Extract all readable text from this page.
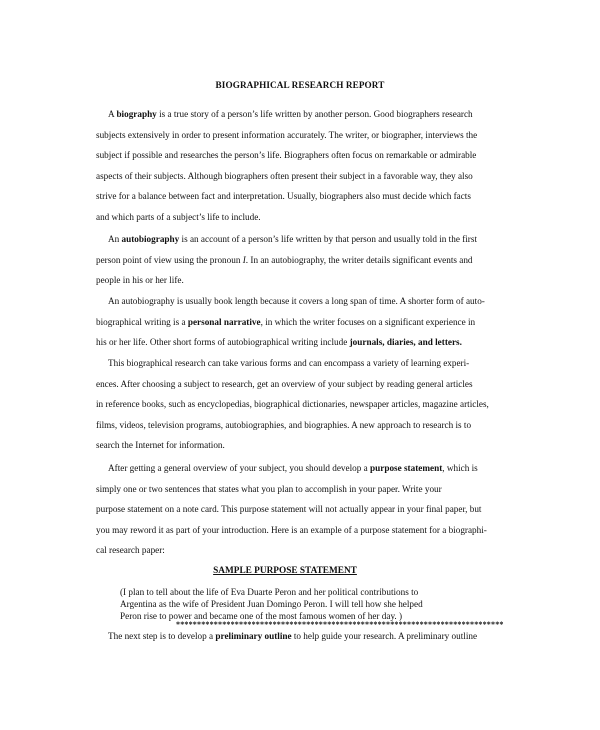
BIOGRAPHICAL RESEARCH REPORT
A biography is a true story of a person’s life written by another person. Good biographers research
subjects extensively in order to present information accurately. The writer, or biographer, interviews the
subject if possible and researches the person’s life. Biographers often focus on remarkable or admirable
aspects of their subjects. Although biographers often present their subject in a favorable way, they also
strive for a balance between fact and interpretation. Usually, biographers also must decide which facts
and which parts of a subject’s life to include.
An autobiography is an account of a person’s life written by that person and usually told in the first
person point of view using the pronoun I. In an autobiography, the writer details significant events and
people in his or her life.
An autobiography is usually book length because it covers a long span of time. A shorter form of auto-
biographical writing is a personal narrative, in which the writer focuses on a significant experience in
his or her life. Other short forms of autobiographical writing include journals, diaries, and letters.
This biographical research can take various forms and can encompass a variety of learning experi-
ences. After choosing a subject to research, get an overview of your subject by reading general articles
in reference books, such as encyclopedias, biographical dictionaries, newspaper articles, magazine articles,
films, videos, television programs, autobiographies, and biographies. A new approach to research is to
search the Internet for information.
After getting a general overview of your subject, you should develop a purpose statement, which is
simply one or two sentences that states what you plan to accomplish in your paper. Write your
purpose statement on a note card. This purpose statement will not actually appear in your final paper, but
you may reword it as part of your introduction. Here is an example of a purpose statement for a biographi-
cal research paper:
SAMPLE PURPOSE STATEMENT
(I plan to tell about the life of Eva Duarte Peron and her political contributions to
Argentina as the wife of President Juan Domingo Peron. I will tell how she helped
Peron rise to power and became one of the most famous women of her day. )
******************************************************************************
The next step is to develop a preliminary outline to help guide your research. A preliminary outline
